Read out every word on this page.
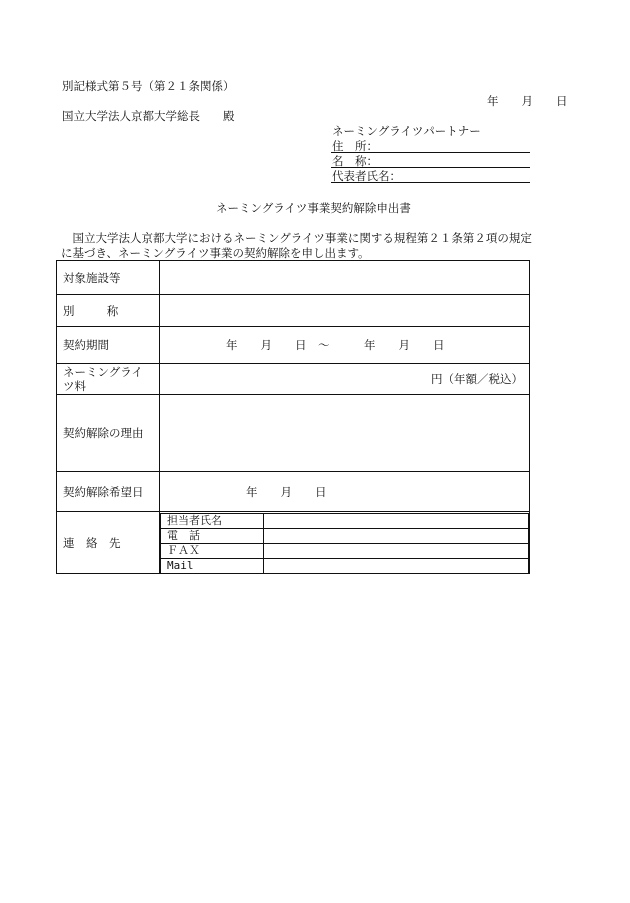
別記様式第５号（第２１条関係）
年　　月　　日
国立大学法人京都大学総長　　殿
ネーミングライツパートナー
住　所：
名　称：
代表者氏名：
ネーミングライツ事業契約解除申出書
　国立大学法人京都大学におけるネーミングライツ事業に関する規程第２１条第２項の規定に基づき、ネーミングライツ事業の契約解除を申し出ます。
対象施設等	
別　称	
契約期間	年　　月　　日　～　　　年　　月　　日
ネーミングライツ料	円（年額／税込）
契約解除の理由	
契約解除希望日	年　　月　　日
連　絡　先	
担当者氏名	
電　話	
ＦＡＸ	
Mail	
